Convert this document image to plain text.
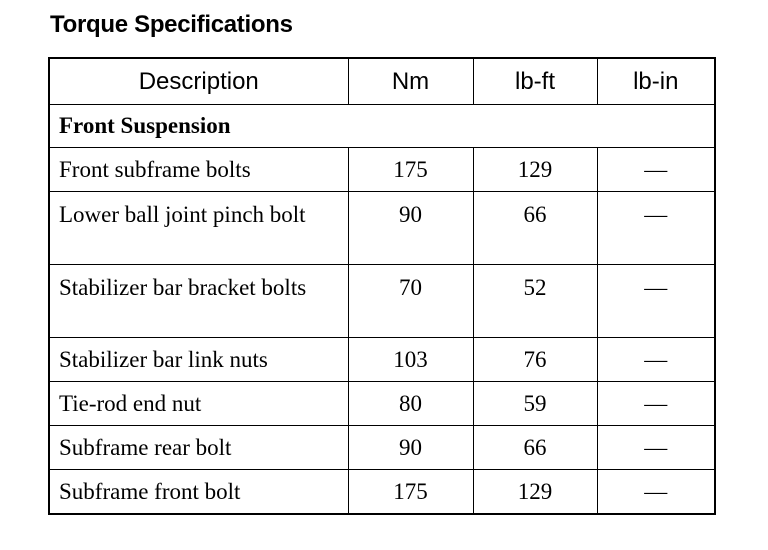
Torque Specifications
Description	Nm	lb-ft	lb-in
Front Suspension			
Front subframe bolts	175	129	—
Lower ball joint pinch bolt	90	66	—
Stabilizer bar bracket bolts	70	52	—
Stabilizer bar link nuts	103	76	—
Tie-rod end nut	80	59	—
Subframe rear bolt	90	66	—
Subframe front bolt	175	129	—
